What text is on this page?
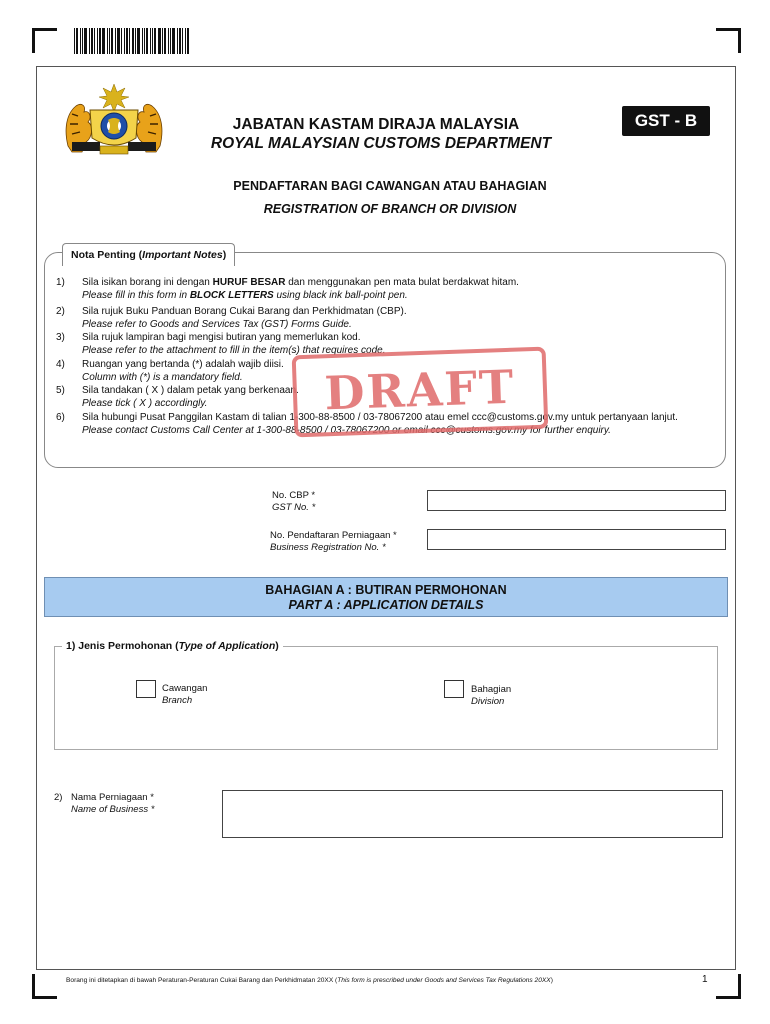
JABATAN KASTAM DIRAJA MALAYSIA
ROYAL MALAYSIAN CUSTOMS DEPARTMENT
GST - B
PENDAFTARAN BAGI CAWANGAN ATAU BAHAGIAN
REGISTRATION OF BRANCH OR DIVISION
Nota Penting (Important Notes)
1)	Sila isikan borang ini dengan HURUF BESAR dan menggunakan pen mata bulat berdakwat hitam.
Please fill in this form in BLOCK LETTERS using black ink ball-point pen.
2)	Sila rujuk Buku Panduan Borang Cukai Barang dan Perkhidmatan (CBP).
Please refer to Goods and Services Tax (GST) Forms Guide.
3)	Sila rujuk lampiran bagi mengisi butiran yang memerlukan kod.
Please refer to the attachment to fill in the item(s) that requires code.
4)	Ruangan yang bertanda (*) adalah wajib diisi.
Column with (*) is a mandatory field.
5)	Sila tandakan ( X ) dalam petak yang berkenaan.
Please tick ( X ) accordingly.
6)	Sila hubungi Pusat Panggilan Kastam di talian 1-300-88-8500 / 03-78067200 atau emel ccc@customs.gov.my untuk pertanyaan lanjut.
Please contact Customs Call Center at 1-300-88-8500 / 03-78067200 or email ccc@customs.gov.my for further enquiry.
DRAFT
No. CBP *
GST No. *
No. Pendaftaran Perniagaan *
Business Registration No. *
BAHAGIAN A : BUTIRAN PERMOHONAN
PART A : APPLICATION DETAILS
1) Jenis Permohonan (Type of Application)
Cawangan
Branch
Bahagian
Division
2) Nama Perniagaan *
Name of Business *
Borang ini ditetapkan di bawah Peraturan-Peraturan Cukai Barang dan Perkhidmatan 20XX (This form is prescribed under Goods and Services Tax Regulations 20XX)	1
